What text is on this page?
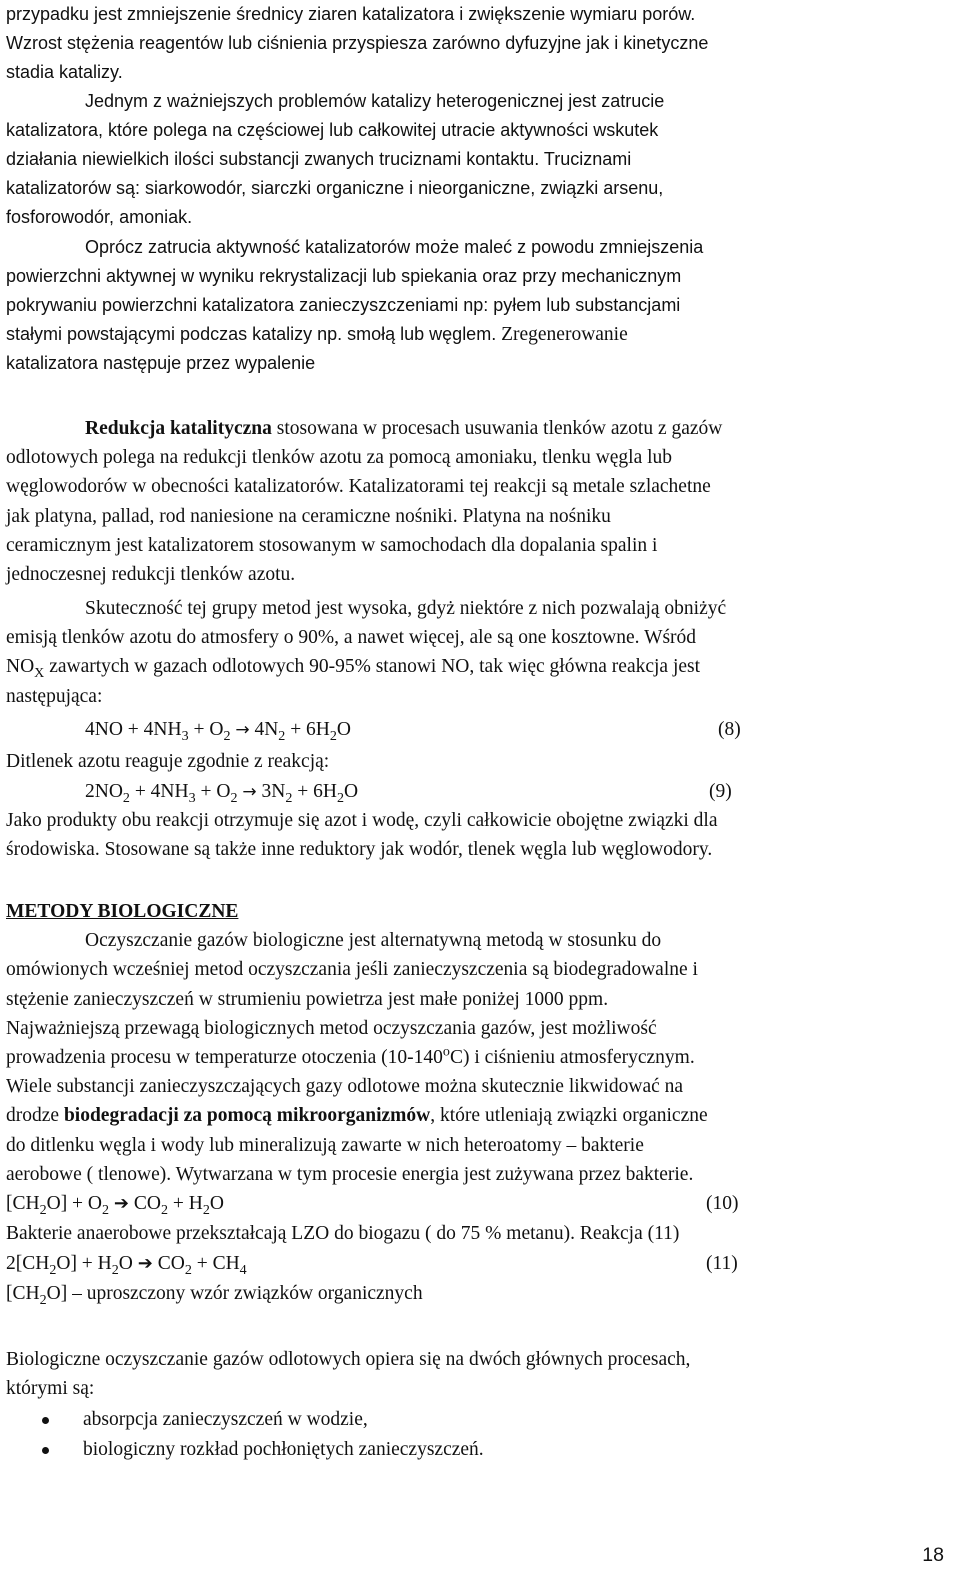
przypadku jest zmniejszenie średnicy ziaren katalizatora i zwiększenie wymiaru porów.
Wzrost stężenia reagentów lub ciśnienia przyspiesza zarówno dyfuzyjne jak i kinetyczne
stadia katalizy.
Jednym z ważniejszych problemów katalizy heterogenicznej jest zatrucie
katalizatora, które polega na częściowej lub całkowitej utracie aktywności wskutek
działania niewielkich ilości substancji zwanych truciznami kontaktu. Truciznami
katalizatorów są: siarkowodór, siarczki organiczne i nieorganiczne, związki arsenu,
fosforowodór, amoniak.
Oprócz zatrucia aktywność katalizatorów może maleć z powodu zmniejszenia
powierzchni aktywnej w wyniku rekrystalizacji lub spiekania oraz przy mechanicznym
pokrywaniu powierzchni katalizatora zanieczyszczeniami np: pyłem lub substancjami
stałymi powstającymi podczas katalizy np. smołą lub węglem. Zregenerowanie
katalizatora następuje przez wypalenie
Redukcja katalityczna stosowana w procesach usuwania tlenków azotu z gazów
odlotowych polega na redukcji tlenków azotu za pomocą amoniaku, tlenku węgla lub
węglowodorów w obecności katalizatorów. Katalizatorami tej reakcji są metale szlachetne
jak platyna, pallad, rod naniesione na ceramiczne nośniki. Platyna na nośniku
ceramicznym jest katalizatorem stosowanym w samochodach dla dopalania spalin i
jednoczesnej redukcji tlenków azotu.
Skuteczność tej grupy metod jest wysoka, gdyż niektóre z nich pozwalają obniżyć
emisją tlenków azotu do atmosfery o 90%, a nawet więcej, ale są one kosztowne. Wśród
$NO_X$ zawartych w gazach odlotowych 90-95% stanowi NO, tak więc główna reakcja jest
następująca:
$4NO + 4NH_3 + O_2 \to 4N_2 + 6H_2O$	(8)
Ditlenek azotu reaguje zgodnie z reakcją:
$2NO_2 + 4NH_3 + O_2 \to 3N_2 + 6H_2O$	(9)
Jako produkty obu reakcji otrzymuje się azot i wodę, czyli całkowicie obojętne związki dla
środowiska. Stosowane są także inne reduktory jak wodór, tlenek węgla lub węglowodory.
METODY BIOLOGICZNE
Oczyszczanie gazów biologiczne jest alternatywną metodą w stosunku do
omówionych wcześniej metod oczyszczania jeśli zanieczyszczenia są biodegradowalne i
stężenie zanieczyszczeń w strumieniu powietrza jest małe poniżej 1000 ppm.
Najważniejszą przewagą biologicznych metod oczyszczania gazów, jest możliwość
prowadzenia procesu w temperaturze otoczenia (10-140$^o$C) i ciśnieniu atmosferycznym.
Wiele substancji zanieczyszczających gazy odlotowe można skutecznie likwidować na
drodze biodegradacji za pomocą mikroorganizmów, które utleniają związki organiczne
do ditlenku węgla i wody lub mineralizują zawarte w nich heteroatomy – bakterie
aerobowe ( tlenowe). Wytwarzana w tym procesie energia jest zużywana przez bakterie.
$[CH_2O] + O_2$ ➔ $CO_2 + H_2O$	(10)
Bakterie anaerobowe przekształcają LZO do biogazu ( do 75 % metanu). Reakcja (11)
$2[CH_2O] + H_2O$ ➔ $CO_2 + CH_4$	(11)
$[CH_2O]$ – uproszczony wzór związków organicznych
Biologiczne oczyszczanie gazów odlotowych opiera się na dwóch głównych procesach,
którymi są:
absorpcja zanieczyszczeń w wodzie,
biologiczny rozkład pochłoniętych zanieczyszczeń.
18
